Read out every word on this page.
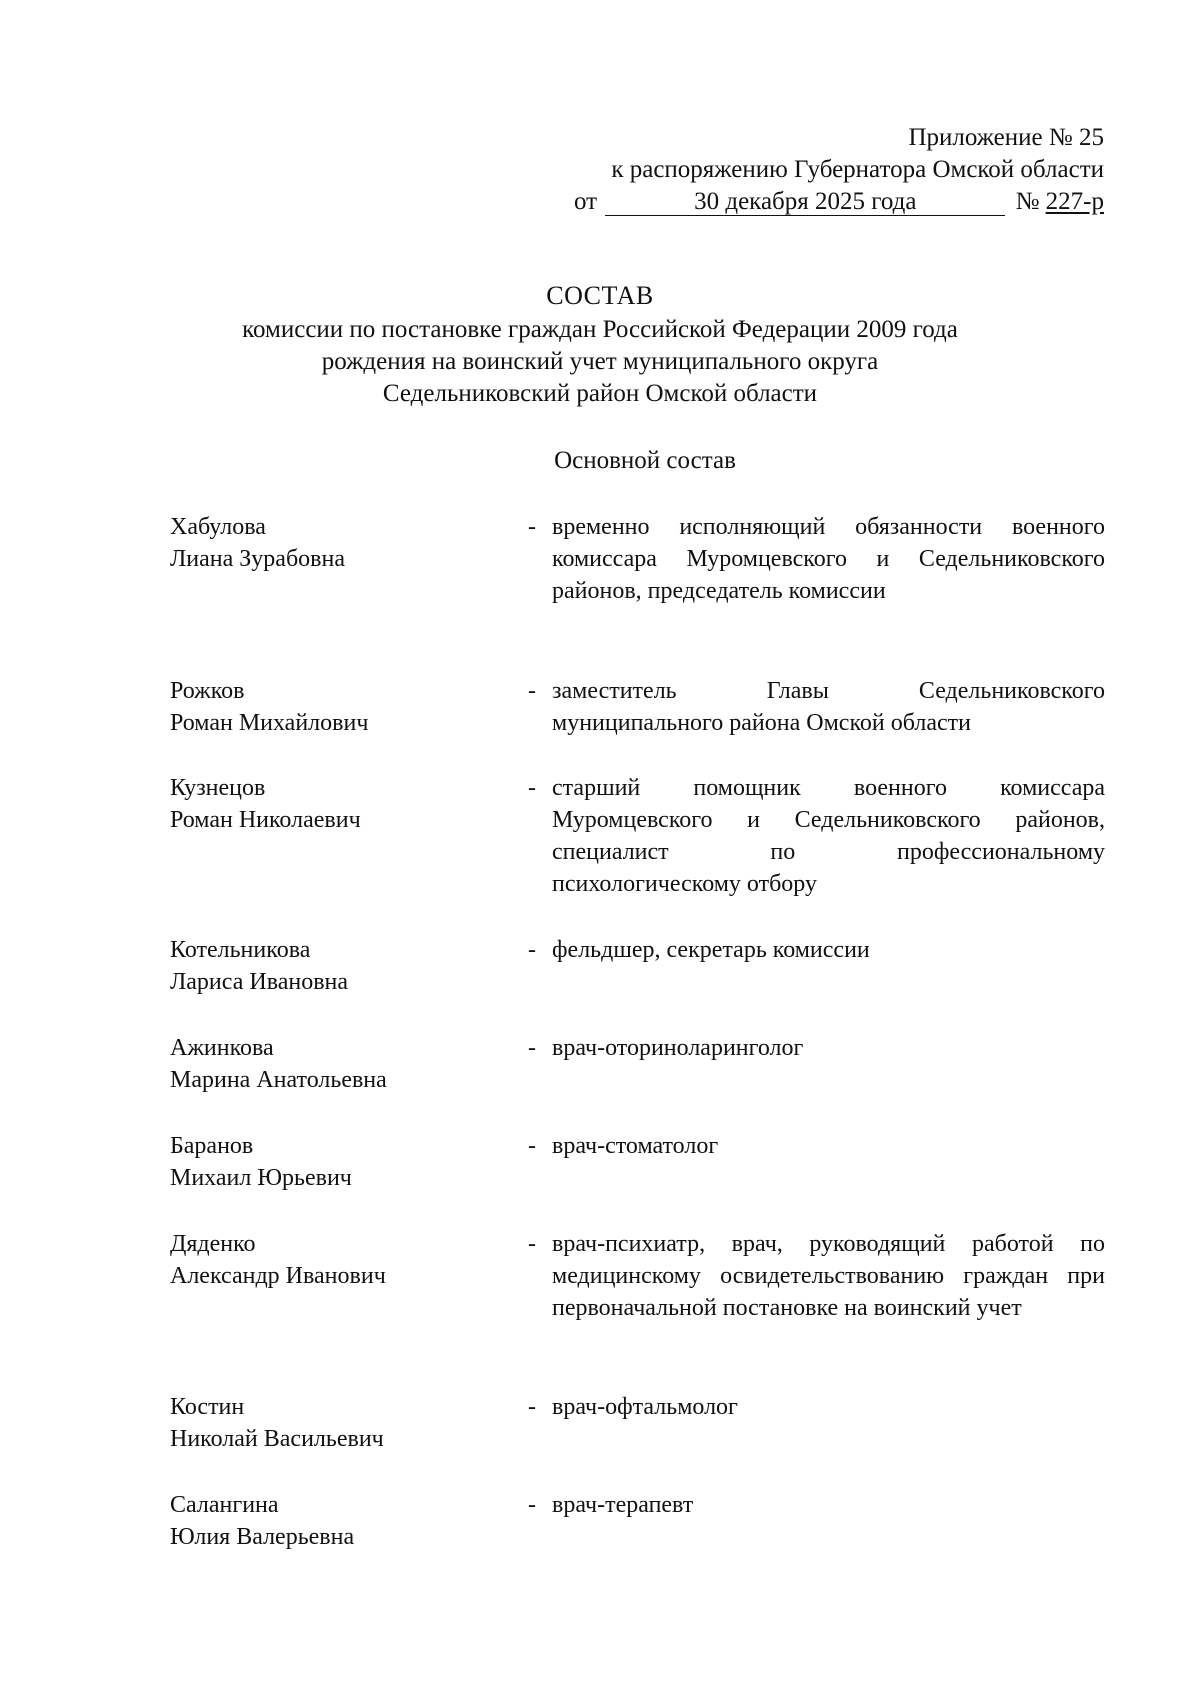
Приложение № 25
к распоряжению Губернатора Омской области
от	30 декабря 2025 года	№ 227-р
СОСТАВ
комиссии по постановке граждан Российской Федерации 2009 года
рождения на воинский учет муниципального округа
Седельниковский район Омской области
Основной состав
Хабулова
Лиана Зурабовна
- временно исполняющий обязанности военного комиссара Муромцевского и Седельниковского районов, председатель комиссии
Рожков
Роман Михайлович
- заместитель Главы Седельниковского муниципального района Омской области
Кузнецов
Роман Николаевич
- старший помощник военного комиссара Муромцевского и Седельниковского районов, специалист по профессиональному психологическому отбору
Котельникова
Лариса Ивановна
- фельдшер, секретарь комиссии
Ажинкова
Марина Анатольевна
- врач-оториноларинголог
Баранов
Михаил Юрьевич
- врач-стоматолог
Дяденко
Александр Иванович
- врач-психиатр, врач, руководящий работой по медицинскому освидетельствованию граждан при первоначальной постановке на воинский учет
Костин
Николай Васильевич
- врач-офтальмолог
Салангина
Юлия Валерьевна
- врач-терапевт
